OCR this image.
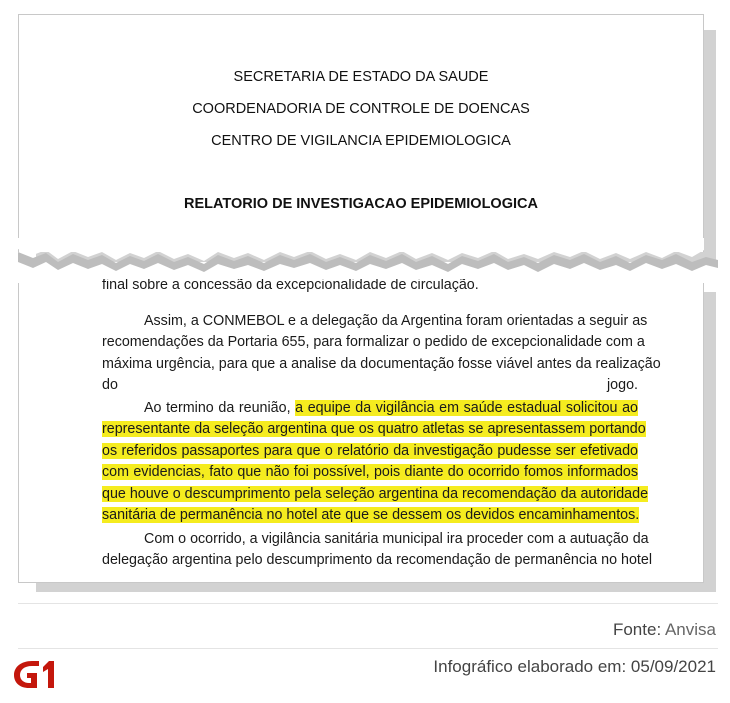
SECRETARIA DE ESTADO DA SAUDE
COORDENADORIA DE CONTROLE DE DOENCAS
CENTRO DE VIGILANCIA EPIDEMIOLOGICA
RELATORIO DE INVESTIGACAO EPIDEMIOLOGICA
final sobre a concessão da excepcionalidade de circulação.
Assim, a CONMEBOL e a delegação da Argentina foram orientadas a seguir as
recomendações da Portaria 655, para formalizar o pedido de excepcionalidade com a
máxima urgência, para que a analise da documentação fosse viável antes da realização
do jogo.
Ao termino da reunião, a equipe da vigilância em saúde estadual solicitou ao
representante da seleção argentina que os quatro atletas se apresentassem portando
os referidos passaportes para que o relatório da investigação pudesse ser efetivado
com evidencias, fato que não foi possível, pois diante do ocorrido fomos informados
que houve o descumprimento pela seleção argentina da recomendação da autoridade
sanitária de permanência no hotel ate que se dessem os devidos encaminhamentos.
Com o ocorrido, a vigilância sanitária municipal ira proceder com a autuação da
delegação argentina pelo descumprimento da recomendação de permanência no hotel
Fonte: Anvisa
Infográfico elaborado em: 05/09/2021
